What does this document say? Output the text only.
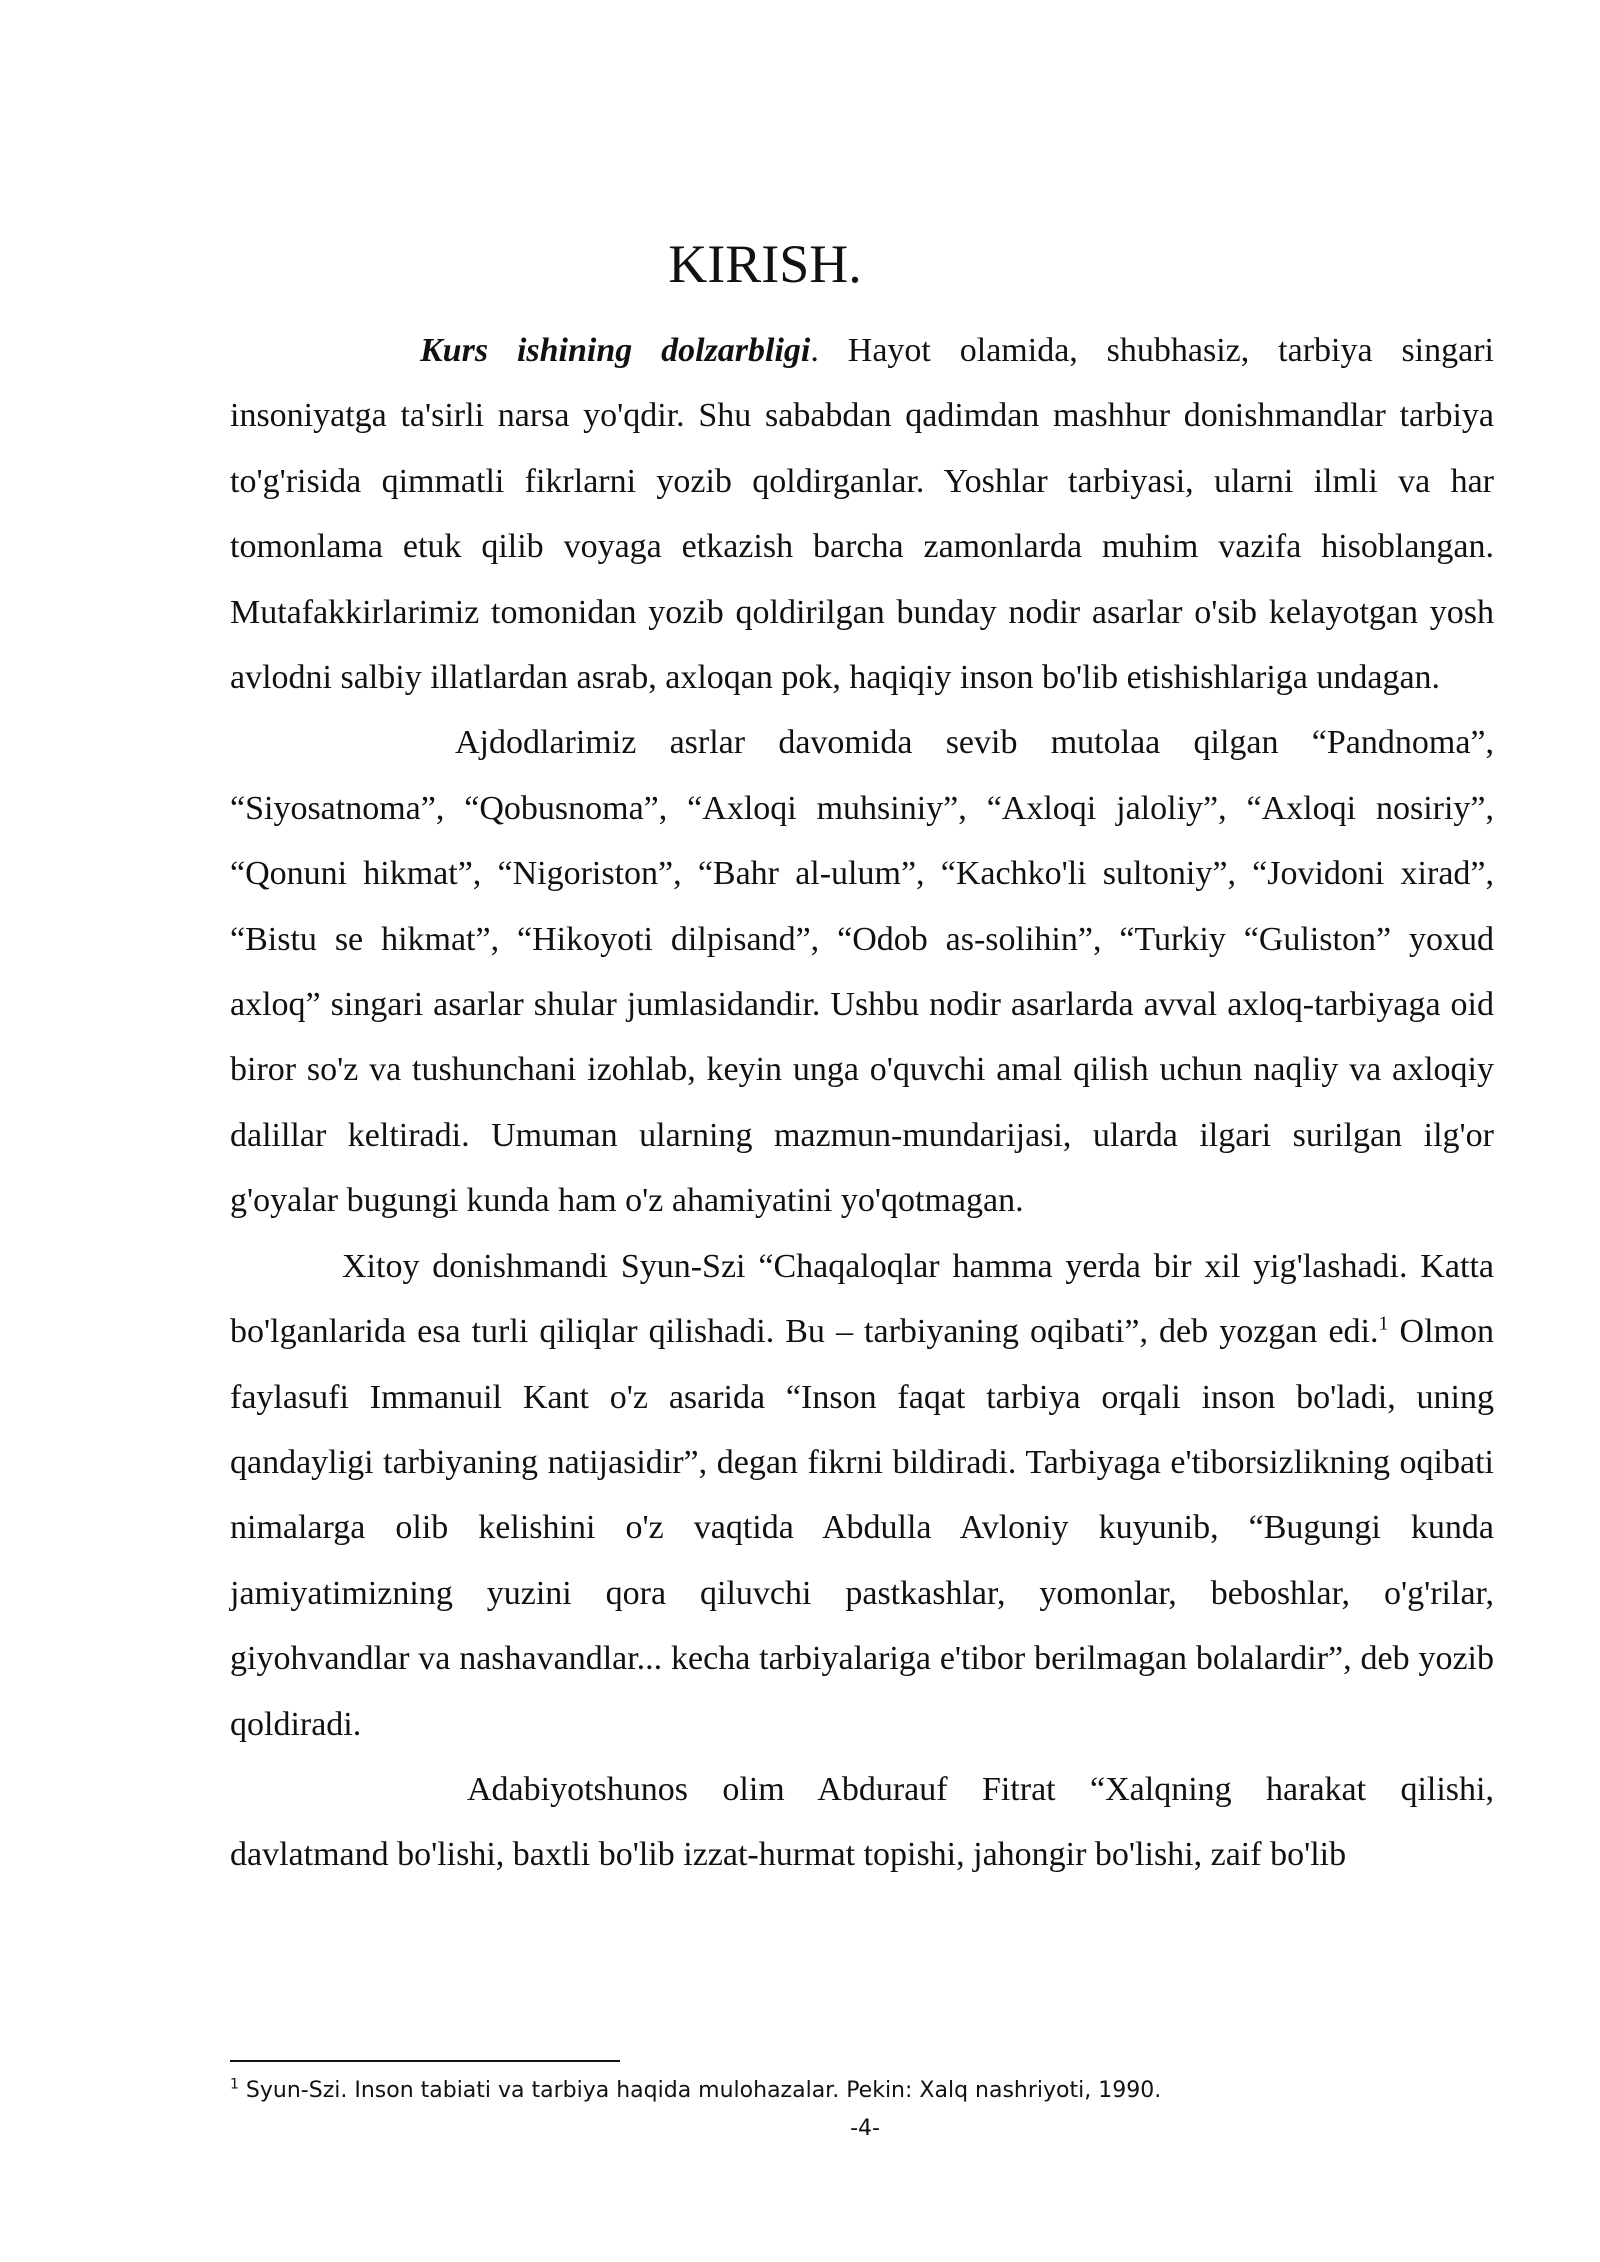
KIRISH.

Kurs ishining dolzarbligi. Hayot olamida, shubhasiz, tarbiya singari insoniyatga ta'sirli narsa yo'qdir. Shu sababdan qadimdan mashhur donishmandlar tarbiya to'g'risida qimmatli fikrlarni yozib qoldirganlar. Yoshlar tarbiyasi, ularni ilmli va har tomonlama etuk qilib voyaga etkazish barcha zamonlarda muhim vazifa hisoblangan. Mutafakkirlarimiz tomonidan yozib qoldirilgan bunday nodir asarlar o'sib kelayotgan yosh avlodni salbiy illatlardan asrab, axloqan pok, haqiqiy inson bo'lib etishishlariga undagan.

Ajdodlarimiz asrlar davomida sevib mutolaa qilgan “Pandnoma”, “Siyosatnoma”, “Qobusnoma”, “Axloqi muhsiniy”, “Axloqi jaloliy”, “Axloqi nosiriy”, “Qonuni hikmat”, “Nigoriston”, “Bahr al-ulum”, “Kachko'li sultoniy”, “Jovidoni xirad”, “Bistu se hikmat”, “Hikoyoti dilpisand”, “Odob as-solihin”, “Turkiy “Guliston” yoxud axloq” singari asarlar shular jumlasidandir. Ushbu nodir asarlarda avval axloq-tarbiyaga oid biror so'z va tushunchani izohlab, keyin unga o'quvchi amal qilish uchun naqliy va axloqiy dalillar keltiradi. Umuman ularning mazmun-mundarijasi, ularda ilgari surilgan ilg'or g'oyalar bugungi kunda ham o'z ahamiyatini yo'qotmagan.

Xitoy donishmandi Syun-Szi “Chaqaloqlar hamma yerda bir xil yig'lashadi. Katta bo'lganlarida esa turli qiliqlar qilishadi. Bu – tarbiyaning oqibati”, deb yozgan edi.$^1$ Olmon faylasufi Immanuil Kant o'z asarida “Inson faqat tarbiya orqali inson bo'ladi, uning qandayligi tarbiyaning natijasidir”, degan fikrni bildiradi. Tarbiyaga e'tiborsizlikning oqibati nimalarga olib kelishini o'z vaqtida Abdulla Avloniy kuyunib, “Bugungi kunda jamiyatimizning yuzini qora qiluvchi pastkashlar, yomonlar, beboshlar, o'g'rilar, giyohvandlar va nashavandlar... kecha tarbiyalariga e'tibor berilmagan bolalardir”, deb yozib qoldiradi.

Adabiyotshunos olim Abdurauf Fitrat “Xalqning harakat qilishi, davlatmand bo'lishi, baxtli bo'lib izzat-hurmat topishi, jahongir bo'lishi, zaif bo'lib

$^1$ Syun-Szi. Inson tabiati va tarbiya haqida mulohazalar. Pekin: Xalq nashriyoti, 1990.

-4-
